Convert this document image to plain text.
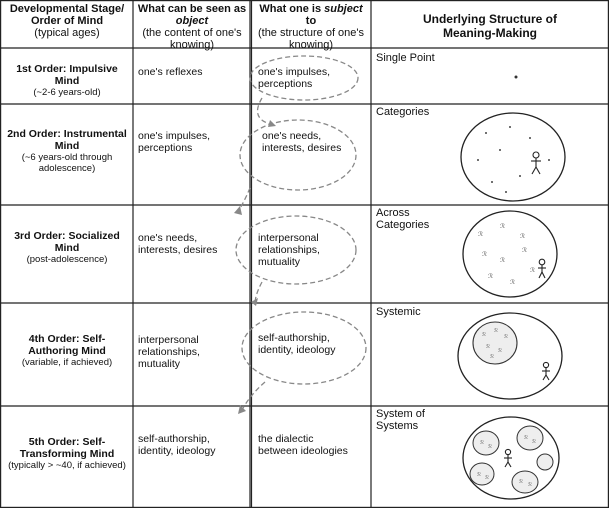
ℛ
ℛ
ℛ
ℛ
ℛ
ℛ
ℛ
ℛ
ℛ
ℛ
ℛ
ℛ
ℛ
ℛ
ℛ
ℛ
ℛ
ℛ
ℛ
ℛ ℛ
ℛ ℛ
Developmental Stage/ Order of Mind
(typical ages)
What can be seen as object
(the content of one's knowing)
What one is subject to
(the structure of one's knowing)
Underlying Structure of Meaning-Making
1st Order: Impulsive Mind
(~2-6 years-old)
one's reflexes	one's impulses, perceptions
Single Point
2nd Order: Instrumental Mind
(~6 years-old through adolescence)
one's impulses, perceptions
one's needs, interests, desires
Categories
3rd Order: Socialized Mind
(post-adolescence)
one's needs, interests, desires
interpersonal relationships, mutuality
Across Categories
4th Order: Self-Authoring Mind
(variable, if achieved)
interpersonal relationships, mutuality
self-authorship, identity, ideology
Systemic
5th Order: Self-Transforming Mind
(typically > ~40, if achieved)
self-authorship, identity, ideology
the dialectic between ideologies
System of Systems
